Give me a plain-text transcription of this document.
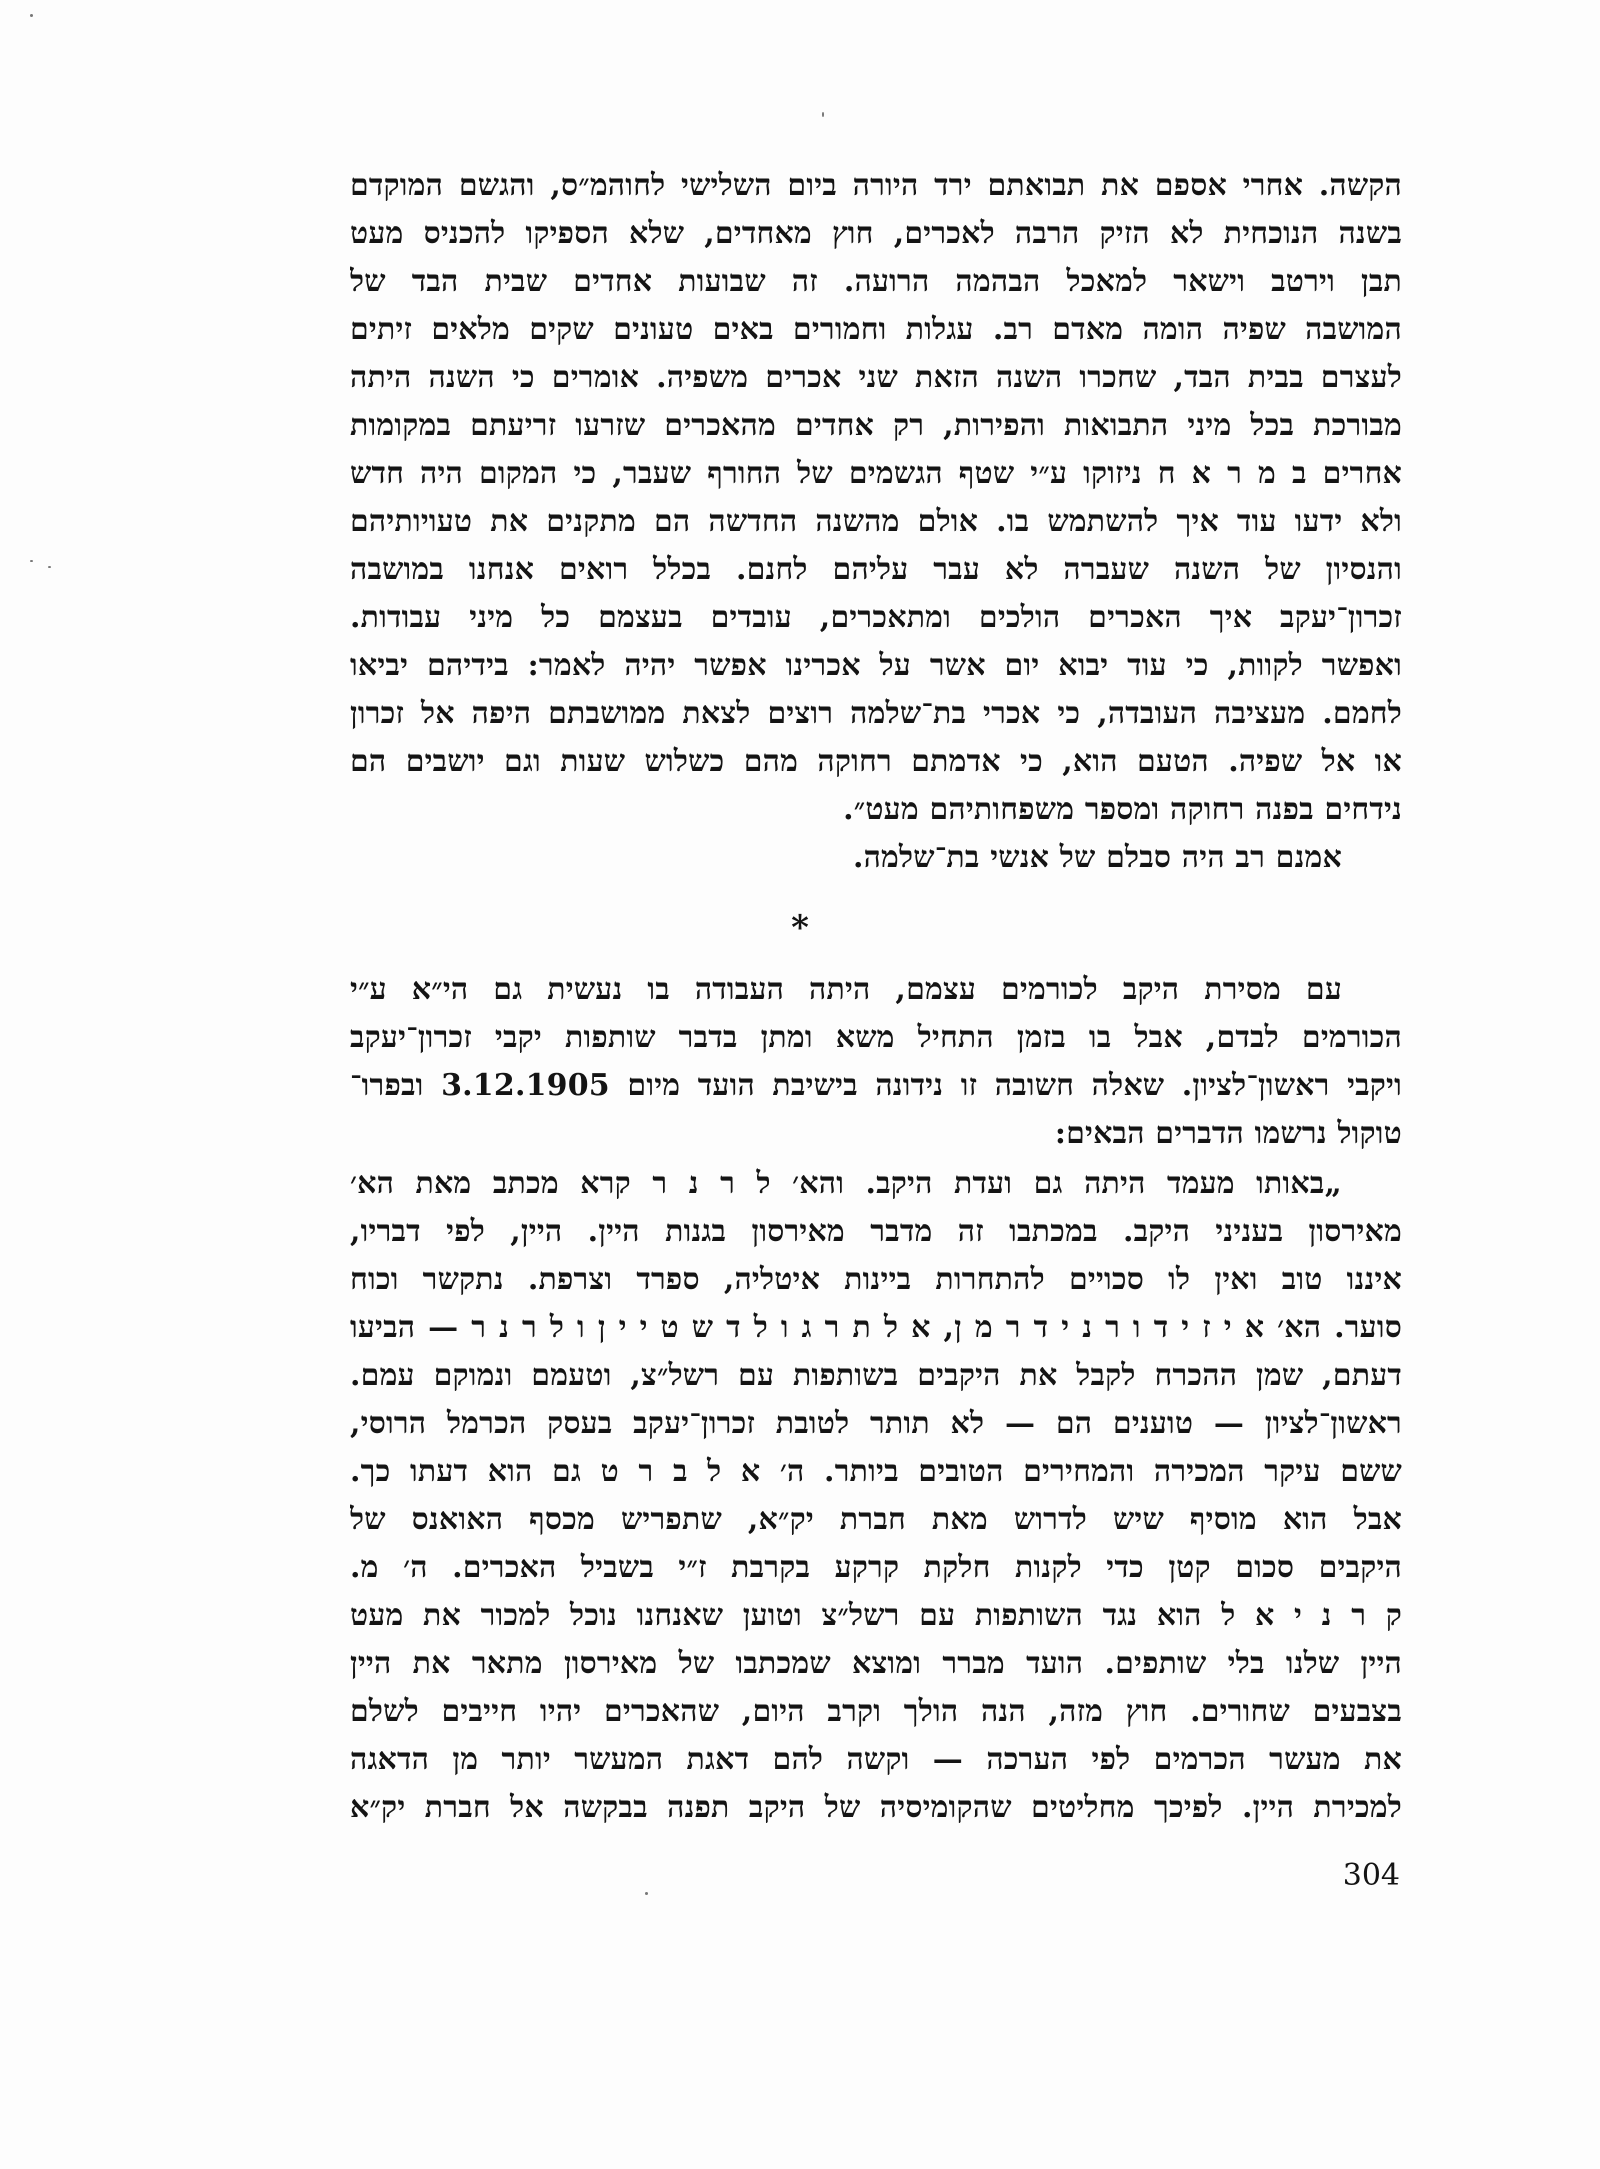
הקשה. אחרי אספם את תבואתם ירד היורה ביום השלישי לחוהמ״ס, והגשם המוקדם
בשנה הנוכחית לא הזיק הרבה לאכרים, חוץ מאחדים, שלא הספיקו להכניס מעט
תבן וירטב וישאר למאכל הבהמה הרועה. זה שבועות אחדים שבית הבד של
המושבה שפיה הומה מאדם רב. עגלות וחמורים באים טעונים שקים מלאים זיתים
לעצרם בבית הבד, שחכרו השנה הזאת שני אכרים משפיה. אומרים כי השנה היתה
מבורכת בכל מיני התבואות והפירות, רק אחדים מהאכרים שזרעו זריעתם במקומות
אחרים ב מ ר א ח ניזוקו ע״י שטף הגשמים של החורף שעבר, כי המקום היה חדש
ולא ידעו עוד איך להשתמש בו. אולם מהשנה החדשה הם מתקנים את טעויותיהם
והנסיון של השנה שעברה לא עבר עליהם לחנם. בכלל רואים אנחנו במושבה
זכרון־יעקב איך האכרים הולכים ומתאכרים, עובדים בעצמם כל מיני עבודות.
ואפשר לקוות, כי עוד יבוא יום אשר על אכרינו אפשר יהיה לאמר: בידיהם יביאו
לחמם. מעציבה העובדה, כי אכרי בת־שלמה רוצים לצאת ממושבתם היפה אל זכרון
או אל שפיה. הטעם הוא, כי אדמתם רחוקה מהם כשלוש שעות וגם יושבים הם
נידחים בפנה רחוקה ומספר משפחותיהם מעט״.
אמנם רב היה סבלם של אנשי בת־שלמה.
*
עם מסירת היקב לכורמים עצמם, היתה העבודה בו נעשית גם הי״א ע״י
הכורמים לבדם, אבל בו בזמן התחיל משא ומתן בדבר שותפות יקבי זכרון־יעקב
ויקבי ראשון־לציון. שאלה חשובה זו נידונה בישיבת הועד מיום 3.12.1905 ובפרו־
טוקול נרשמו הדברים הבאים:
„באותו מעמד היתה גם ועדת היקב. והא׳ ל ר נ ר קרא מכתב מאת הא׳
מאירסון בעניני היקב. במכתבו זה מדבר מאירסון בגנות היין. היין, לפי דבריו,
איננו טוב ואין לו סכויים להתחרות ביינות איטליה, ספרד וצרפת. נתקשר וכוח
סוער. הא׳ א י ז י ד ו ר נ י ד ר מ ן, א ל ת ר ג ו ל ד ש ט י י ן ו ל ר נ ר — הביעו
דעתם, שמן ההכרח לקבל את היקבים בשותפות עם רשל״צ, וטעמם ונמוקם עמם.
ראשון־לציון — טוענים הם — לא תותר לטובת זכרון־יעקב בעסק הכרמל הרוסי,
ששם עיקר המכירה והמחירים הטובים ביותר. ה׳ א ל ב ר ט גם הוא דעתו כך.
אבל הוא מוסיף שיש לדרוש מאת חברת יק״א, שתפריש מכסף האואנס של
היקבים סכום קטן כדי לקנות חלקת קרקע בקרבת ז״י בשביל האכרים. ה׳ מ.
ק ר נ י א ל הוא נגד השותפות עם רשל״צ וטוען שאנחנו נוכל למכור את מעט
היין שלנו בלי שותפים. הועד מברר ומוצא שמכתבו של מאירסון מתאר את היין
בצבעים שחורים. חוץ מזה, הנה הולך וקרב היום, שהאכרים יהיו חייבים לשלם
את מעשר הכרמים לפי הערכה — וקשה להם דאגת המעשר יותר מן הדאגה
למכירת היין. לפיכך מחליטים שהקומיסיה של היקב תפנה בבקשה אל חברת יק״א
304
